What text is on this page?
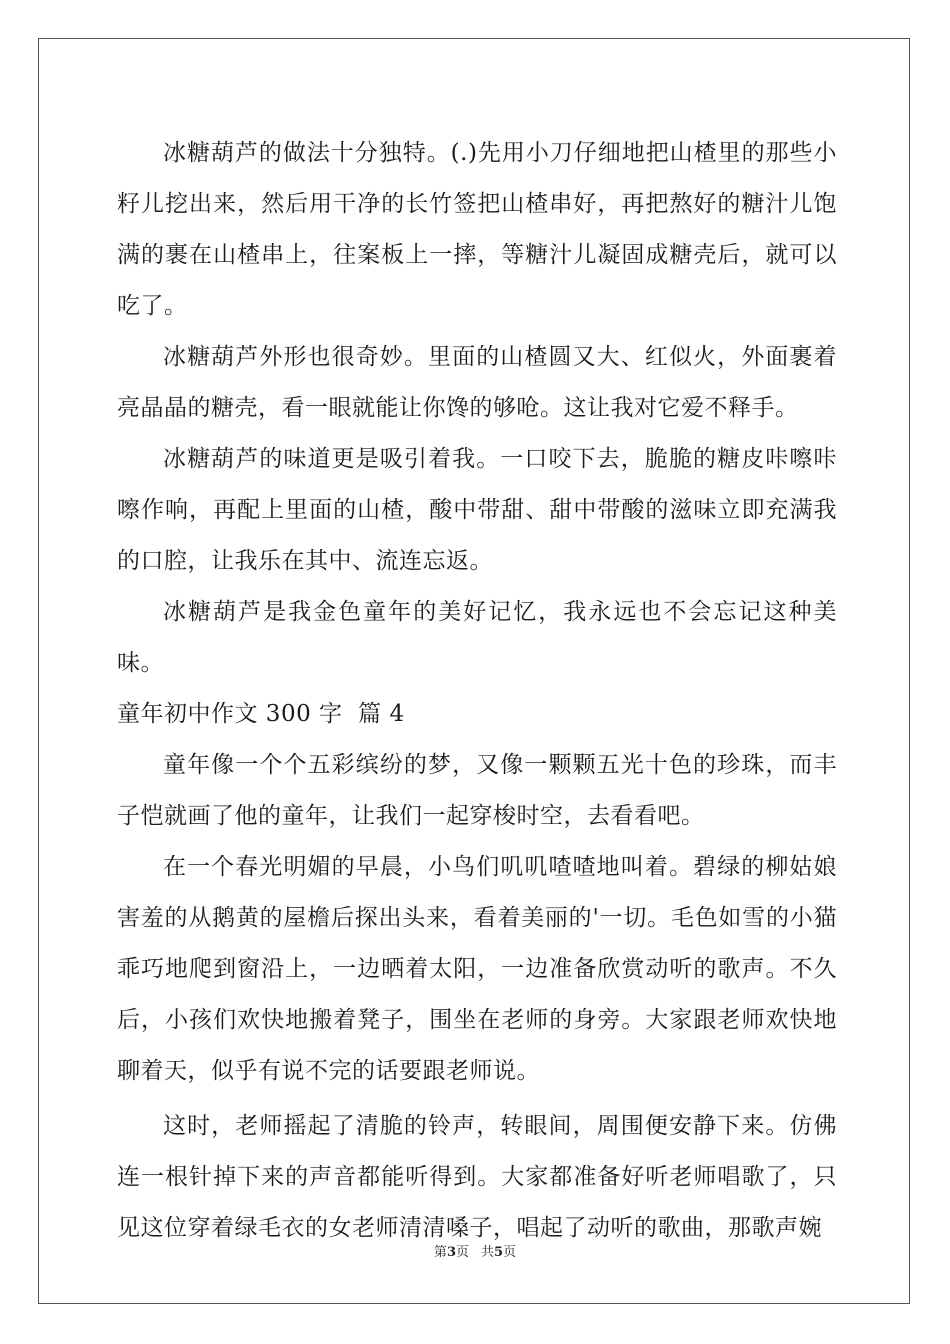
冰糖葫芦的做法十分独特。(.)先用小刀仔细地把山楂里的那些小籽儿挖出来，然后用干净的长竹签把山楂串好，再把熬好的糖汁儿饱满的裹在山楂串上，往案板上一摔，等糖汁儿凝固成糖壳后，就可以吃了。

冰糖葫芦外形也很奇妙。里面的山楂圆又大、红似火，外面裹着亮晶晶的糖壳，看一眼就能让你馋的够呛。这让我对它爱不释手。

冰糖葫芦的味道更是吸引着我。一口咬下去，脆脆的糖皮咔嚓咔嚓作响，再配上里面的山楂，酸中带甜、甜中带酸的滋味立即充满我的口腔，让我乐在其中、流连忘返。

冰糖葫芦是我金色童年的美好记忆，我永远也不会忘记这种美味。

童年初中作文 300 字  篇 4

童年像一个个五彩缤纷的梦，又像一颗颗五光十色的珍珠，而丰子恺就画了他的童年，让我们一起穿梭时空，去看看吧。

在一个春光明媚的早晨，小鸟们叽叽喳喳地叫着。碧绿的柳姑娘害羞的从鹅黄的屋檐后探出头来，看着美丽的'一切。毛色如雪的小猫乖巧地爬到窗沿上，一边晒着太阳，一边准备欣赏动听的歌声。不久后，小孩们欢快地搬着凳子，围坐在老师的身旁。大家跟老师欢快地聊着天，似乎有说不完的话要跟老师说。

这时，老师摇起了清脆的铃声，转眼间，周围便安静下来。仿佛连一根针掉下来的声音都能听得到。大家都准备好听老师唱歌了，只见这位穿着绿毛衣的女老师清清嗓子，唱起了动听的歌曲，那歌声婉

第3页 共5页
